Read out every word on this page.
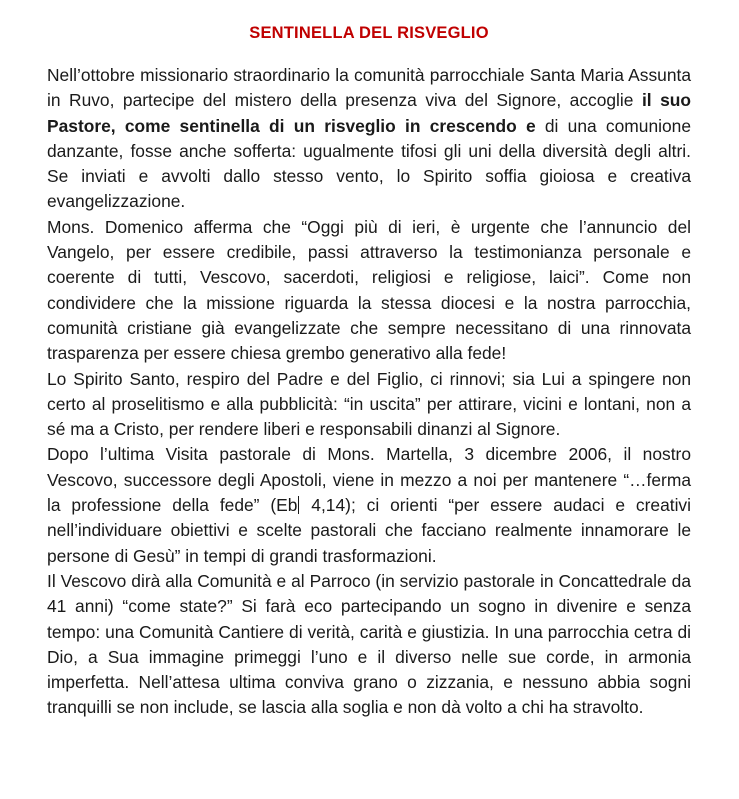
SENTINELLA DEL RISVEGLIO

Nell’ottobre missionario straordinario la comunità parrocchiale Santa Maria Assunta in Ruvo, partecipe del mistero della presenza viva del Signore, accoglie il suo Pastore, come sentinella di un risveglio in crescendo e di una comunione danzante, fosse anche sofferta: ugualmente tifosi gli uni della diversità degli altri. Se inviati e avvolti dallo stesso vento, lo Spirito soffia gioiosa e creativa evangelizzazione.

Mons. Domenico afferma che “Oggi più di ieri, è urgente che l’annuncio del Vangelo, per essere credibile, passi attraverso la testimonianza personale e coerente di tutti, Vescovo, sacerdoti, religiosi e religiose, laici”. Come non condividere che la missione riguarda la stessa diocesi e la nostra parrocchia, comunità cristiane già evangelizzate che sempre necessitano di una rinnovata trasparenza per essere chiesa grembo generativo alla fede!

Lo Spirito Santo, respiro del Padre e del Figlio, ci rinnovi; sia Lui a spingere non certo al proselitismo e alla pubblicità: “in uscita” per attirare, vicini e lontani, non a sé ma a Cristo, per rendere liberi e responsabili dinanzi al Signore.

Dopo l’ultima Visita pastorale di Mons. Martella, 3 dicembre 2006, il nostro Vescovo, successore degli Apostoli, viene in mezzo a noi per mantenere “…ferma la professione della fede” (Eb 4,14); ci orienti “per essere audaci e creativi nell’individuare obiettivi e scelte pastorali che facciano realmente innamorare le persone di Gesù” in tempi di grandi trasformazioni.

Il Vescovo dirà alla Comunità e al Parroco (in servizio pastorale in Concattedrale da 41 anni) “come state?” Si farà eco partecipando un sogno in divenire e senza tempo: una Comunità Cantiere di verità, carità e giustizia. In una parrocchia cetra di Dio, a Sua immagine primeggi l’uno e il diverso nelle sue corde, in armonia imperfetta. Nell’attesa ultima conviva grano o zizzania, e nessuno abbia sogni tranquilli se non include, se lascia alla soglia e non dà volto a chi ha stravolto.
